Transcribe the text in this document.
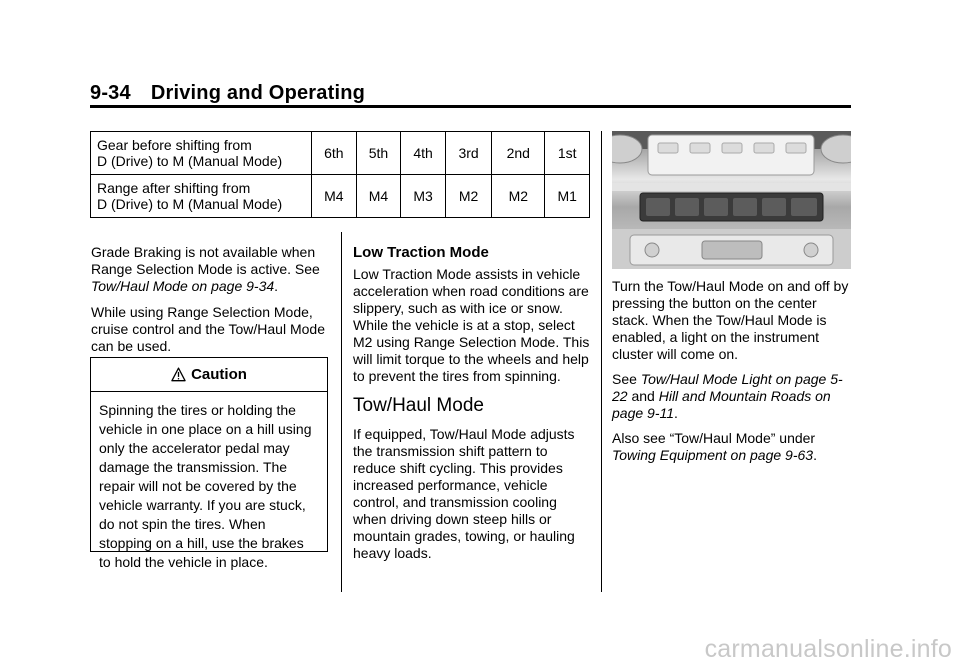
9-34 Driving and Operating
Gear before shifting from
D (Drive) to M (Manual Mode)	6th	5th	4th	3rd	2nd	1st
Range after shifting from
D (Drive) to M (Manual Mode)	M4	M4	M3	M2	M2	M1

Grade Braking is not available when Range Selection Mode is active. See Tow/Haul Mode on page 9-34.

While using Range Selection Mode, cruise control and the Tow/Haul Mode can be used.

Caution
Spinning the tires or holding the vehicle in one place on a hill using only the accelerator pedal may damage the transmission. The repair will not be covered by the vehicle warranty. If you are stuck, do not spin the tires. When stopping on a hill, use the brakes to hold the vehicle in place.
Low Traction Mode

Low Traction Mode assists in vehicle acceleration when road conditions are slippery, such as with ice or snow. While the vehicle is at a stop, select M2 using Range Selection Mode. This will limit torque to the wheels and help to prevent the tires from spinning.

Tow/Haul Mode

If equipped, Tow/Haul Mode adjusts the transmission shift pattern to reduce shift cycling. This provides increased performance, vehicle control, and transmission cooling when driving down steep hills or mountain grades, towing, or hauling heavy loads.

Turn the Tow/Haul Mode on and off by pressing the button on the center stack. When the Tow/Haul Mode is enabled, a light on the instrument cluster will come on.

See Tow/Haul Mode Light on page 5-22 and Hill and Mountain Roads on page 9-11.

Also see “Tow/Haul Mode” under Towing Equipment on page 9-63.

carmanualsonline.info
